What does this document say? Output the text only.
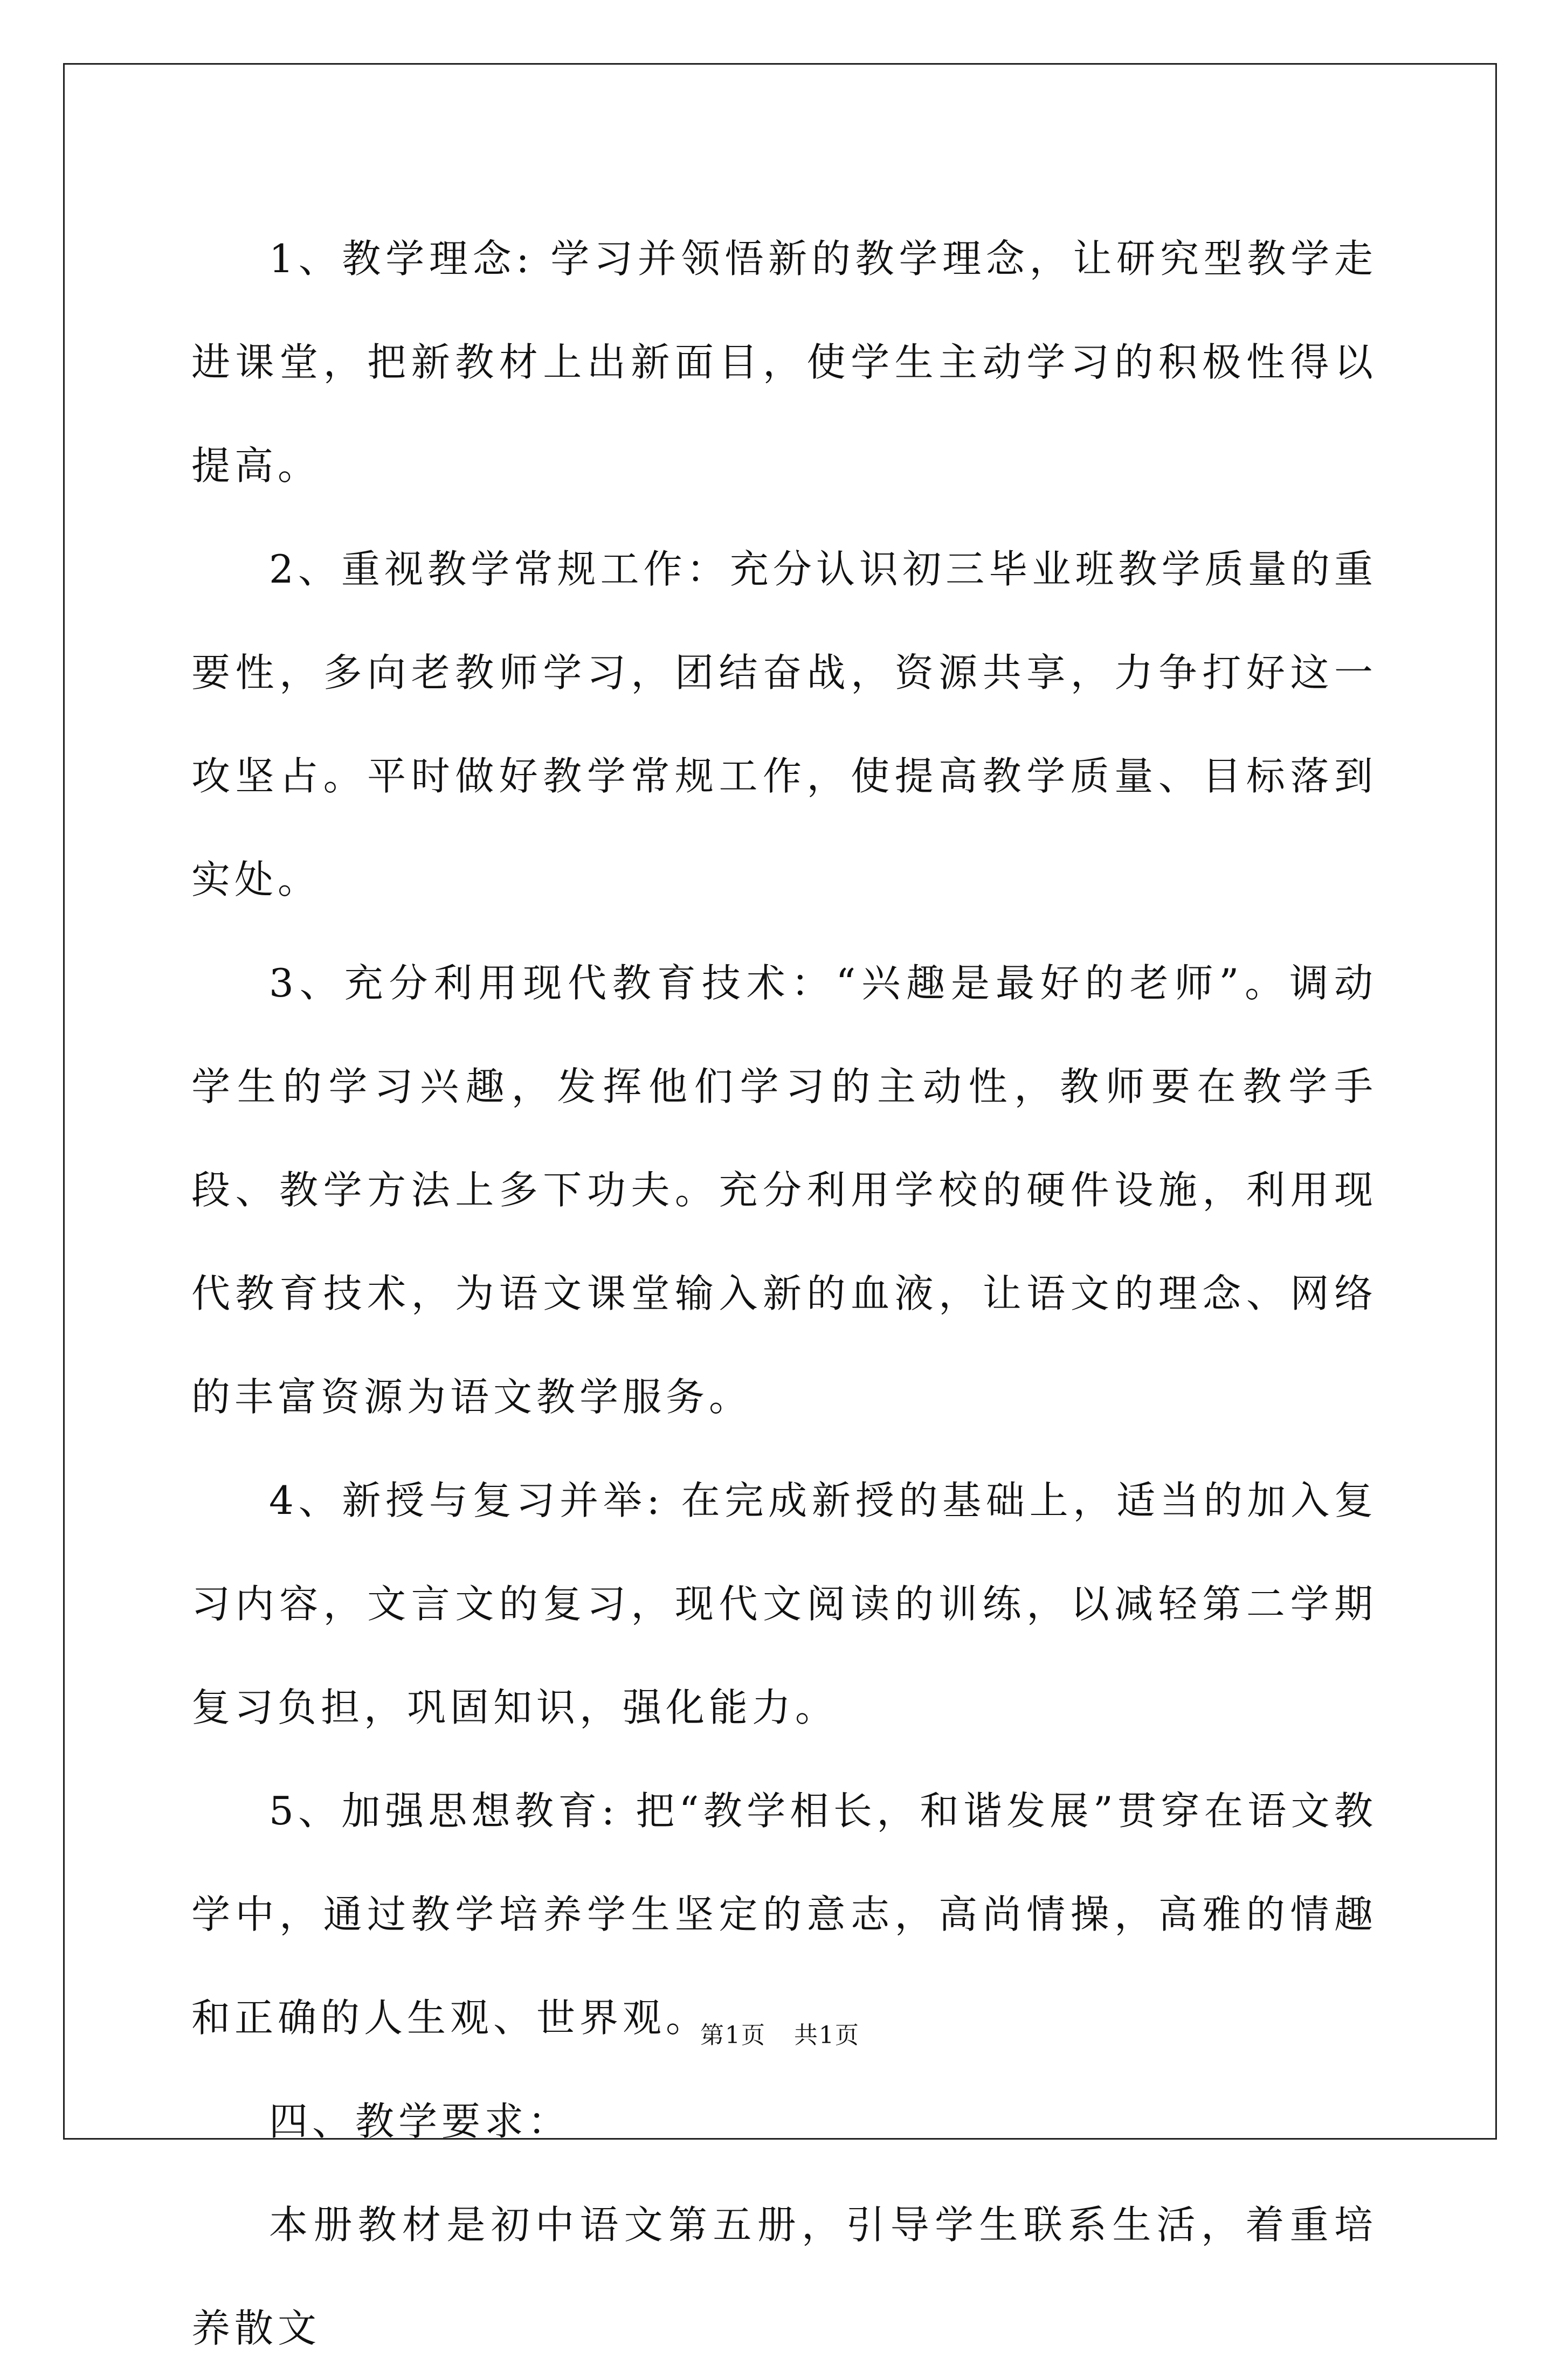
1、教学理念: 学习并领悟新的教学理念，让研究型教学走进课堂，把新教材上出新面目，使学生主动学习的积极性得以提高。

2、重视教学常规工作：充分认识初三毕业班教学质量的重要性，多向老教师学习，团结奋战，资源共享，力争打好这一攻坚占。平时做好教学常规工作，使提高教学质量、目标落到实处。

3、充分利用现代教育技术：“兴趣是最好的老师”。调动学生的学习兴趣，发挥他们学习的主动性，教师要在教学手段、教学方法上多下功夫。充分利用学校的硬件设施，利用现代教育技术，为语文课堂输入新的血液，让语文的理念、网络的丰富资源为语文教学服务。

4、新授与复习并举: 在完成新授的基础上，适当的加入复习内容，文言文的复习，现代文阅读的训练，以减轻第二学期复习负担，巩固知识，强化能力。

5、加强思想教育: 把“教学相长，和谐发展”贯穿在语文教学中，通过教学培养学生坚定的意志，高尚情操，高雅的情趣和正确的人生观、世界观。

四、教学要求：

本册教材是初中语文第五册，引导学生联系生活，着重培养散文

第1页 共1页
